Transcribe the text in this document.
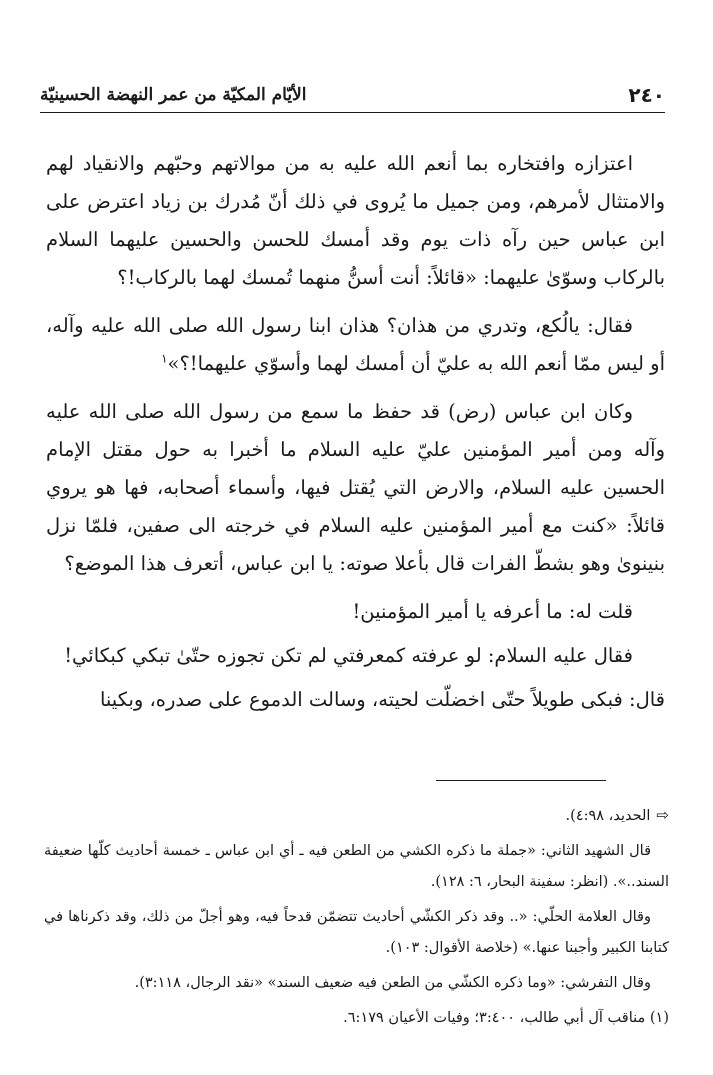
٢٤٠
الأيّام المكيّة من عمر النهضة الحسينيّة

اعتزازه وافتخاره بما أنعم الله عليه به من موالاتهم وحبّهم والانقياد لهم والامتثال لأمرهم، ومن جميل ما يُروى في ذلك أنّ مُدرك بن زياد اعترض على ابن عباس حين رآه ذات يوم وقد أمسك للحسن والحسين عليهما السلام بالركاب وسوّىٰ عليهما: «قائلاً: أنت أسنُّ منهما تُمسك لهما بالركاب!؟

فقال: يالُكع، وتدري من هذان؟ هذان ابنا رسول الله صلى الله عليه وآله، أو ليس ممّا أنعم الله به عليّ أن أمسك لهما وأسوّي عليهما!؟»$^١$

وكان ابن عباس (رض) قد حفظ ما سمع من رسول الله صلى الله عليه وآله ومن أمير المؤمنين عليّ عليه السلام ما أخبرا به حول مقتل الإمام الحسين عليه السلام، والارض التي يُقتل فيها، وأسماء أصحابه، فها هو يروي قائلاً: «كنت مع أمير المؤمنين عليه السلام في خرجته الى صفين، فلمّا نزل بنينوىٰ وهو بشطّ الفرات قال بأعلا صوته: يا ابن عباس، أتعرف هذا الموضع؟

قلت له: ما أعرفه يا أمير المؤمنين!

فقال عليه السلام: لو عرفته كمعرفتي لم تكن تجوزه حتّىٰ تبكي كبكائي!

قال: فبكى طويلاً حتّى اخضلّت لحيته، وسالت الدموع على صدره، وبكينا

⇨الحديد، ٤:٩٨).

قال الشهيد الثاني: «جملة ما ذكره الكشي من الطعن فيه ـ أي ابن عباس ـ خمسة أحاديث كلّها ضعيفة السند..». (انظر: سفينة البحار، ٦: ١٢٨).

وقال العلامة الحلّي: «.. وقد ذكر الكشّي أحاديث تتضمّن قدحاً فيه، وهو أجلّ من ذلك، وقد ذكرناها في كتابنا الكبير وأجبنا عنها.» (خلاصة الأقوال: ١٠٣).

وقال التفرشي: «وما ذكره الكشّي من الطعن فيه ضعيف السند» «نقد الرجال، ٣:١١٨).

(١) مناقب آل أبي طالب، ٣:٤٠٠؛ وفيات الأعيان ٦:١٧٩.
